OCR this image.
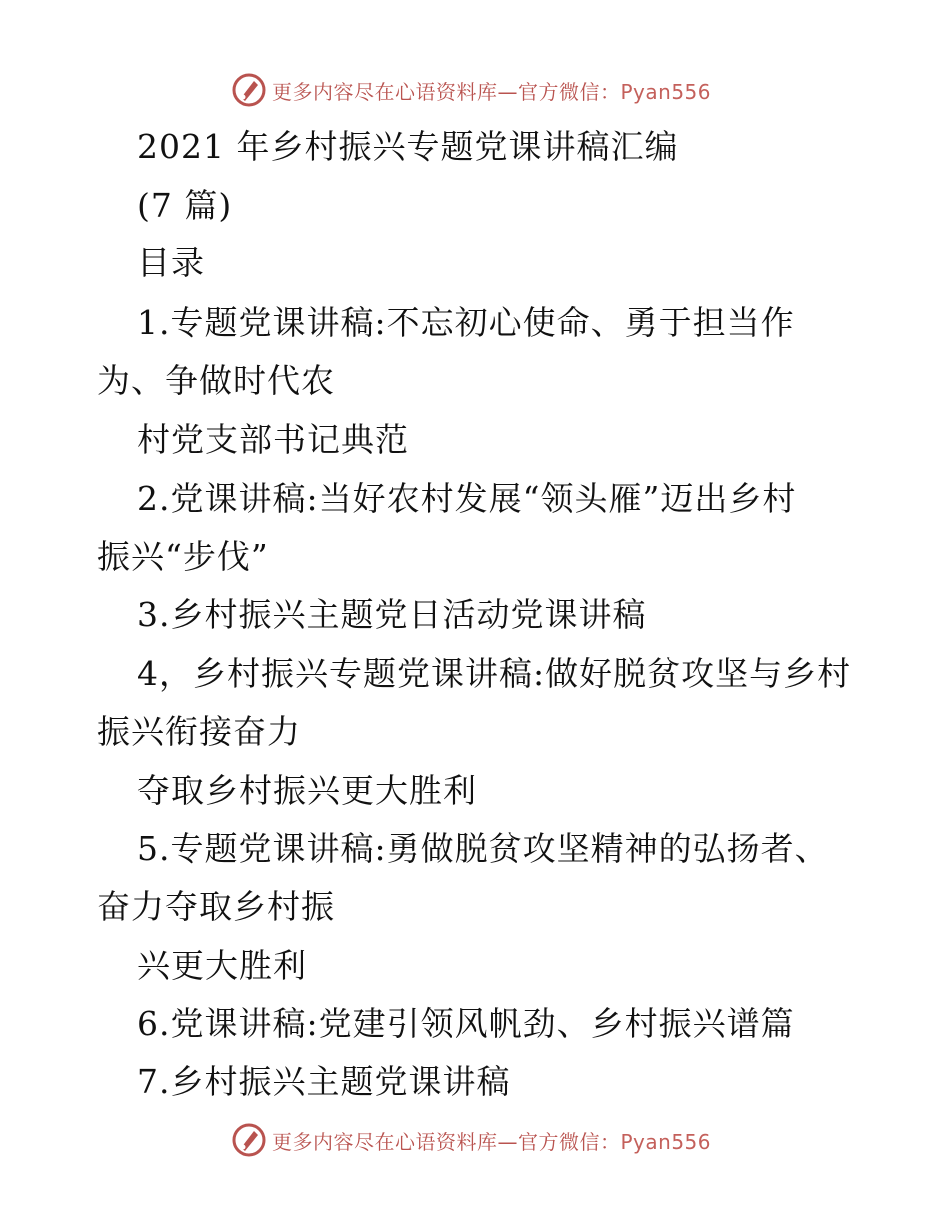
更多内容尽在心语资料库—官方微信：Pyan556
2021 年乡村振兴专题党课讲稿汇编
(7 篇)
目录
1.专题党课讲稿:不忘初心使命、勇于担当作
为、争做时代农
村党支部书记典范
2.党课讲稿:当好农村发展“领头雁”迈出乡村
振兴“步伐”
3.乡村振兴主题党日活动党课讲稿
4，乡村振兴专题党课讲稿:做好脱贫攻坚与乡村
振兴衔接奋力
夺取乡村振兴更大胜利
5.专题党课讲稿:勇做脱贫攻坚精神的弘扬者、
奋力夺取乡村振
兴更大胜利
6.党课讲稿:党建引领风帆劲、乡村振兴谱篇
7.乡村振兴主题党课讲稿
更多内容尽在心语资料库—官方微信：Pyan556
